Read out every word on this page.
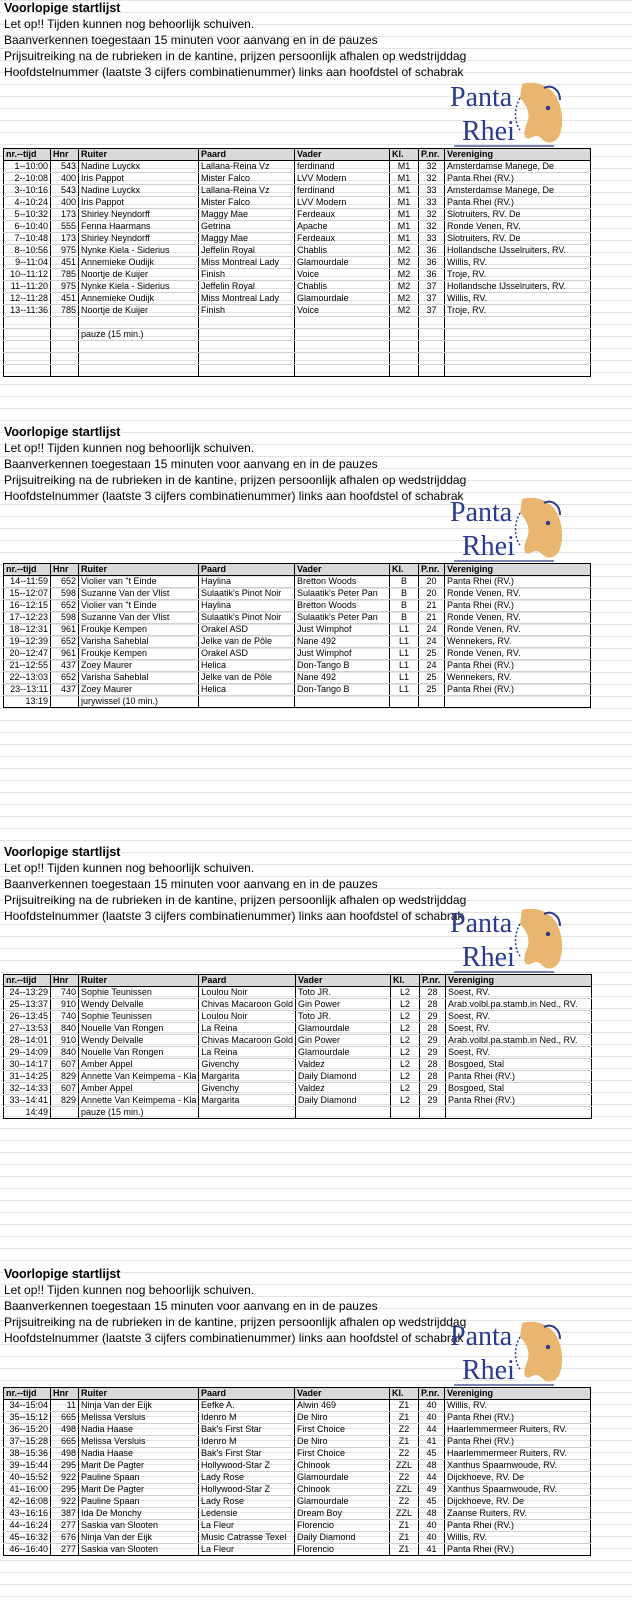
Voorlopige startlijst
Let op!! Tijden kunnen nog behoorlijk schuiven.
Baanverkennen toegestaan 15 minuten voor aanvang en in de pauzes
Prijsuitreiking na de rubrieken in de kantine, prijzen persoonlijk afhalen op wedstrijddag
Hoofdstelnummer (laatste 3 cijfers combinatienummer) links aan hoofdstel of schabrak
Panta
Rhei
nr.--tijd	Hnr	Ruiter	Paard	Vader	Kl.	P.nr.	Vereniging
1--10:00	543	Nadine Luyckx	Lallana-Reina Vz	ferdinand	M1	32	Amsterdamse Manege, De
2--10:08	400	Iris Pappot	Mister Falco	LVV Modern	M1	32	Panta Rhei (RV.)
3--10:16	543	Nadine Luyckx	Lallana-Reina Vz	ferdinand	M1	33	Amsterdamse Manege, De
4--10:24	400	Iris Pappot	Mister Falco	LVV Modern	M1	33	Panta Rhei (RV.)
5--10:32	173	Shirley Neyndorff	Maggy Mae	Ferdeaux	M1	32	Slotruiters, RV. De
6--10:40	555	Fenna Haarmans	Getrina	Apache	M1	32	Ronde Venen, RV.
7--10:48	173	Shirley Neyndorff	Maggy Mae	Ferdeaux	M1	33	Slotruiters, RV. De
8--10:56	975	Nynke Kiela - Siderius	Jeffelin Royal	Chablis	M2	36	Hollandsche IJsselruiters, RV.
9--11:04	451	Annemieke Oudijk	Miss Montreal Lady	Glamourdale	M2	36	Willis, RV.
10--11:12	785	Noortje de Kuijer	Finish	Voice	M2	36	Troje, RV.
11--11:20	975	Nynke Kiela - Siderius	Jeffelin Royal	Chablis	M2	37	Hollandsche IJsselruiters, RV.
12--11:28	451	Annemieke Oudijk	Miss Montreal Lady	Glamourdale	M2	37	Willis, RV.
13--11:36	785	Noortje de Kuijer	Finish	Voice	M2	37	Troje, RV.

		pauze (15 min.)					

Voorlopige startlijst
Let op!! Tijden kunnen nog behoorlijk schuiven.
Baanverkennen toegestaan 15 minuten voor aanvang en in de pauzes
Prijsuitreiking na de rubrieken in de kantine, prijzen persoonlijk afhalen op wedstrijddag
Hoofdstelnummer (laatste 3 cijfers combinatienummer) links aan hoofdstel of schabrak
Panta
Rhei
nr.--tijd	Hnr	Ruiter	Paard	Vader	Kl.	P.nr.	Vereniging
14--11:59	652	Violier van "t Einde	Haylina	Bretton Woods	B	20	Panta Rhei (RV.)
15--12:07	598	Suzanne Van der Vlist	Sulaatik's Pinot Noir	Sulaatik's Peter Pan	B	20	Ronde Venen, RV.
16--12:15	652	Violier van "t Einde	Haylina	Bretton Woods	B	21	Panta Rhei (RV.)
17--12:23	598	Suzanne Van der Vlist	Sulaatik's Pinot Noir	Sulaatik's Peter Pan	B	21	Ronde Venen, RV.
18--12:31	961	Froukje Kempen	Orakel ASD	Just Wimphof	L1	24	Ronde Venen, RV.
19--12:39	652	Varisha Saheblal	Jelke van de Pôle	Nane 492	L1	24	Wennekers, RV.
20--12:47	961	Froukje Kempen	Orakel ASD	Just Wimphof	L1	25	Ronde Venen, RV.
21--12:55	437	Zoey Maurer	Helica	Don-Tango B	L1	24	Panta Rhei (RV.)
22--13:03	652	Varisha Saheblal	Jelke van de Pôle	Nane 492	L1	25	Wennekers, RV.
23--13:11	437	Zoey Maurer	Helica	Don-Tango B	L1	25	Panta Rhei (RV.)
13:19		jurywissel (10 min.)					
Voorlopige startlijst
Let op!! Tijden kunnen nog behoorlijk schuiven.
Baanverkennen toegestaan 15 minuten voor aanvang en in de pauzes
Prijsuitreiking na de rubrieken in de kantine, prijzen persoonlijk afhalen op wedstrijddag
Hoofdstelnummer (laatste 3 cijfers combinatienummer) links aan hoofdstel of schabrak
Panta
Rhei
nr.--tijd	Hnr	Ruiter	Paard	Vader	Kl.	P.nr.	Vereniging
24--13:29	740	Sophie Teunissen	Loulou Noir	Toto JR.	L2	28	Soest, RV.
25--13:37	910	Wendy Delvalle	Chivas Macaroon Gold	Gin Power	L2	28	Arab.volbl.pa.stamb.in Ned., RV.
26--13:45	740	Sophie Teunissen	Loulou Noir	Toto JR.	L2	29	Soest, RV.
27--13:53	840	Nouelle Van Rongen	La Reina	Glamourdale	L2	28	Soest, RV.
28--14:01	910	Wendy Delvalle	Chivas Macaroon Gold	Gin Power	L2	29	Arab.volbl.pa.stamb.in Ned., RV.
29--14:09	840	Nouelle Van Rongen	La Reina	Glamourdale	L2	29	Soest, RV.
30--14:17	607	Amber Appel	Givenchy	Valdez	L2	28	Bosgoed, Stal
31--14:25	829	Annette Van Keimpema - Kla	Margarita	Daily Diamond	L2	28	Panta Rhei (RV.)
32--14:33	607	Amber Appel	Givenchy	Valdez	L2	29	Bosgoed, Stal
33--14:41	829	Annette Van Keimpema - Kla	Margarita	Daily Diamond	L2	29	Panta Rhei (RV.)
14:49		pauze (15 min.)					
Voorlopige startlijst
Let op!! Tijden kunnen nog behoorlijk schuiven.
Baanverkennen toegestaan 15 minuten voor aanvang en in de pauzes
Prijsuitreiking na de rubrieken in de kantine, prijzen persoonlijk afhalen op wedstrijddag
Hoofdstelnummer (laatste 3 cijfers combinatienummer) links aan hoofdstel of schabrak
Panta
Rhei
nr.--tijd	Hnr	Ruiter	Paard	Vader	Kl.	P.nr.	Vereniging
34--15:04	11	Ninja Van der Eijk	Eefke A.	Alwin 469	Z1	40	Willis, RV.
35--15:12	665	Melissa Versluis	Idenro M	De Niro	Z1	40	Panta Rhei (RV.)
36--15:20	498	Nadia Haase	Bak's First Star	First Choice	Z2	44	Haarlemmermeer Ruiters, RV.
37--15:28	665	Melissa Versluis	Idenro M	De Niro	Z1	41	Panta Rhei (RV.)
38--15:36	498	Nadia Haase	Bak's First Star	First Choice	Z2	45	Haarlemmermeer Ruiters, RV.
39--15:44	295	Marit De Pagter	Hollywood-Star Z	Chinook	ZZL	48	Xanthus Spaarnwoude, RV.
40--15:52	922	Pauline Spaan	Lady Rose	Glamourdale	Z2	44	Dijckhoeve, RV. De
41--16:00	295	Marit De Pagter	Hollywood-Star Z	Chinook	ZZL	49	Xanthus Spaarnwoude, RV.
42--16:08	922	Pauline Spaan	Lady Rose	Glamourdale	Z2	45	Dijckhoeve, RV. De
43--16:16	387	Ida De Monchy	Ledensie	Dream Boy	ZZL	48	Zaanse Ruiters, RV.
44--16:24	277	Saskia van Slooten	La Fleur	Florencio	Z1	40	Panta Rhei (RV.)
45--16:32	676	Ninja Van der Eijk	Music Catrasse Texel	Daily Diamond	Z1	40	Willis, RV.
46--16:40	277	Saskia van Slooten	La Fleur	Florencio	Z1	41	Panta Rhei (RV.)
